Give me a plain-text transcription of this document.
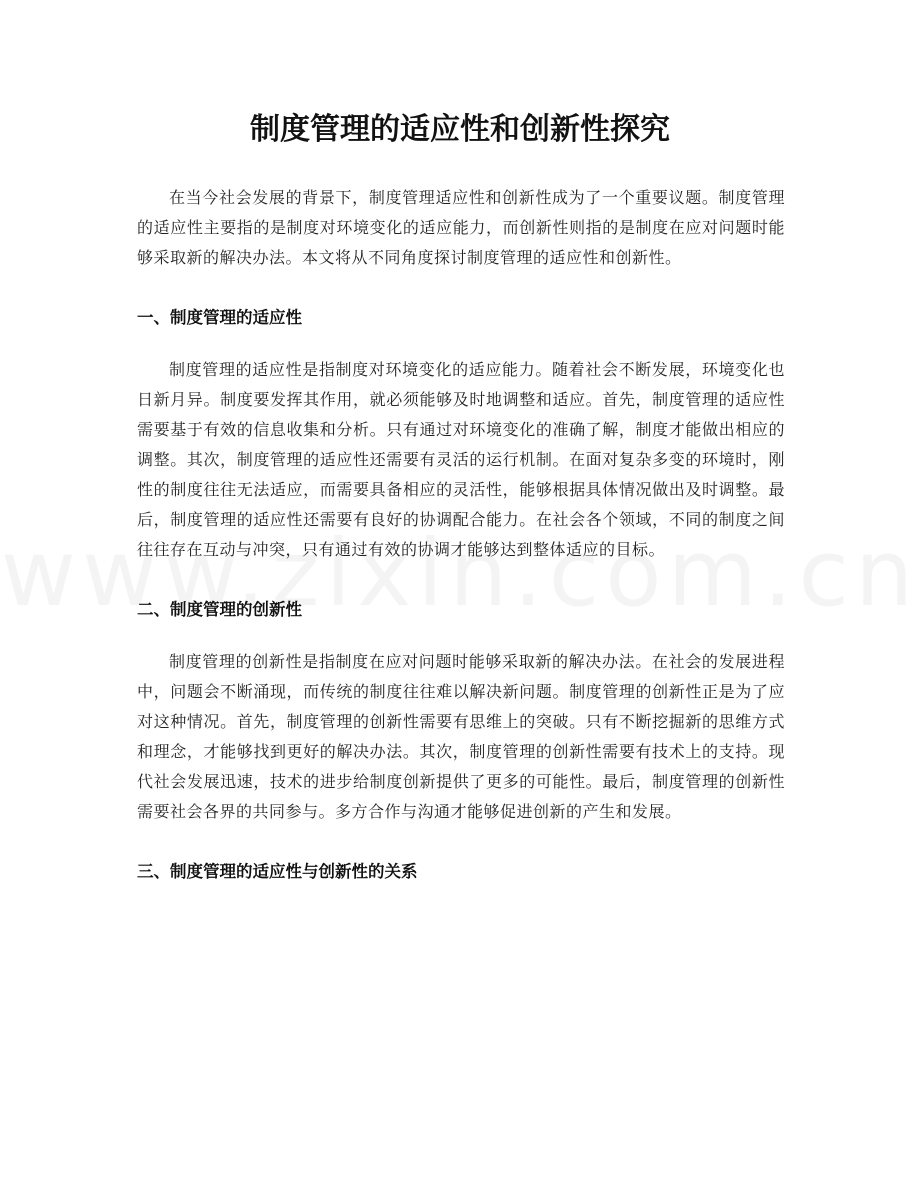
制度管理的适应性和创新性探究

在当今社会发展的背景下，制度管理适应性和创新性成为了一个重要议题。制度管理的适应性主要指的是制度对环境变化的适应能力，而创新性则指的是制度在应对问题时能够采取新的解决办法。本文将从不同角度探讨制度管理的适应性和创新性。

一、制度管理的适应性

制度管理的适应性是指制度对环境变化的适应能力。随着社会不断发展，环境变化也日新月异。制度要发挥其作用，就必须能够及时地调整和适应。首先，制度管理的适应性需要基于有效的信息收集和分析。只有通过对环境变化的准确了解，制度才能做出相应的调整。其次，制度管理的适应性还需要有灵活的运行机制。在面对复杂多变的环境时，刚性的制度往往无法适应，而需要具备相应的灵活性，能够根据具体情况做出及时调整。最后，制度管理的适应性还需要有良好的协调配合能力。在社会各个领域，不同的制度之间往往存在互动与冲突，只有通过有效的协调才能够达到整体适应的目标。

二、制度管理的创新性

制度管理的创新性是指制度在应对问题时能够采取新的解决办法。在社会的发展进程中，问题会不断涌现，而传统的制度往往难以解决新问题。制度管理的创新性正是为了应对这种情况。首先，制度管理的创新性需要有思维上的突破。只有不断挖掘新的思维方式和理念，才能够找到更好的解决办法。其次，制度管理的创新性需要有技术上的支持。现代社会发展迅速，技术的进步给制度创新提供了更多的可能性。最后，制度管理的创新性需要社会各界的共同参与。多方合作与沟通才能够促进创新的产生和发展。

三、制度管理的适应性与创新性的关系
